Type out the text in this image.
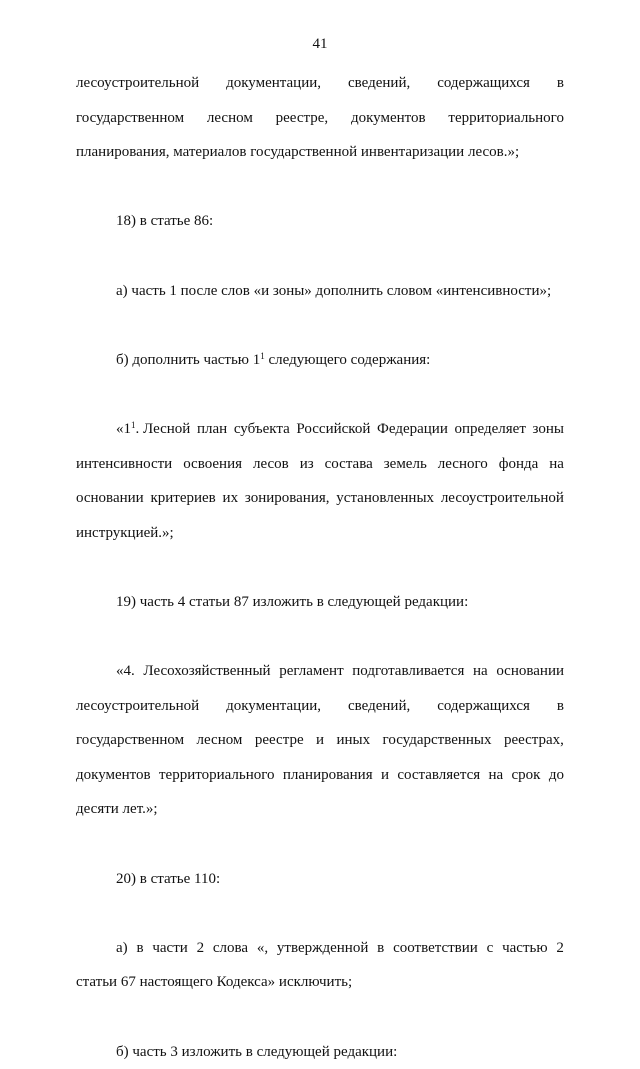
41
лесоустроительной документации, сведений, содержащихся в
государственном лесном реестре, документов территориального
планирования, материалов государственной инвентаризации лесов.»;
18) в статье 86:
а) часть 1 после слов «и зоны» дополнить словом «интенсивности»;
б) дополнить частью $1^1$ следующего содержания:
«$1^1$. Лесной план субъекта Российской Федерации определяет зоны
интенсивности освоения лесов из состава земель лесного фонда на
основании критериев их зонирования, установленных лесоустроительной
инструкцией.»;
19) часть 4 статьи 87 изложить в следующей редакции:
«4. Лесохозяйственный регламент подготавливается на основании
лесоустроительной документации, сведений, содержащихся в
государственном лесном реестре и иных государственных реестрах,
документов территориального планирования и составляется на срок до
десяти лет.»;
20) в статье 110:
а) в части 2 слова «, утвержденной в соответствии с частью 2
статьи 67 настоящего Кодекса» исключить;
б) часть 3 изложить в следующей редакции:
